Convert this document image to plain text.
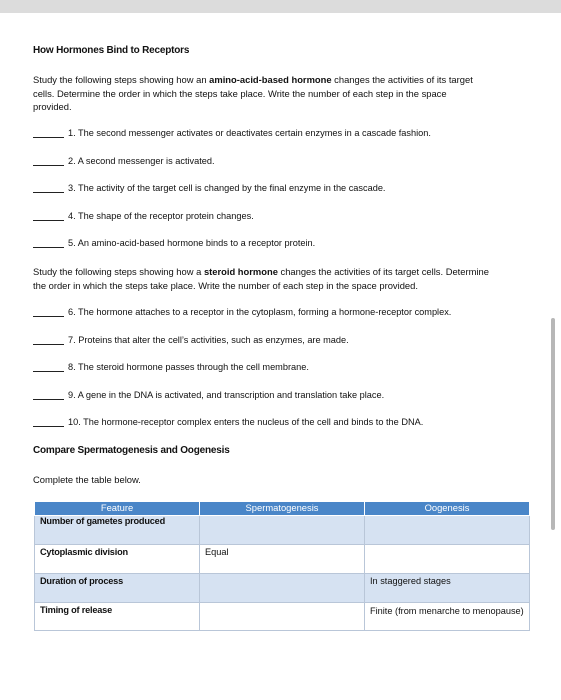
How Hormones Bind to Receptors
Study the following steps showing how an amino-acid-based hormone changes the activities of its target
cells. Determine the order in which the steps take place. Write the number of each step in the space
provided.
1. The second messenger activates or deactivates certain enzymes in a cascade fashion.
2. A second messenger is activated.
3. The activity of the target cell is changed by the final enzyme in the cascade.
4. The shape of the receptor protein changes.
5. An amino-acid-based hormone binds to a receptor protein.
Study the following steps showing how a steroid hormone changes the activities of its target cells. Determine
the order in which the steps take place. Write the number of each step in the space provided.
6. The hormone attaches to a receptor in the cytoplasm, forming a hormone-receptor complex.
7. Proteins that alter the cell’s activities, such as enzymes, are made.
8. The steroid hormone passes through the cell membrane.
9. A gene in the DNA is activated, and transcription and translation take place.
10. The hormone-receptor complex enters the nucleus of the cell and binds to the DNA.
Compare Spermatogenesis and Oogenesis
Complete the table below.
Feature	Spermatogenesis	Oogenesis
Number of gametes produced		
Cytoplasmic division	Equal	
Duration of process		In staggered stages
Timing of release		Finite (from menarche to menopause)
